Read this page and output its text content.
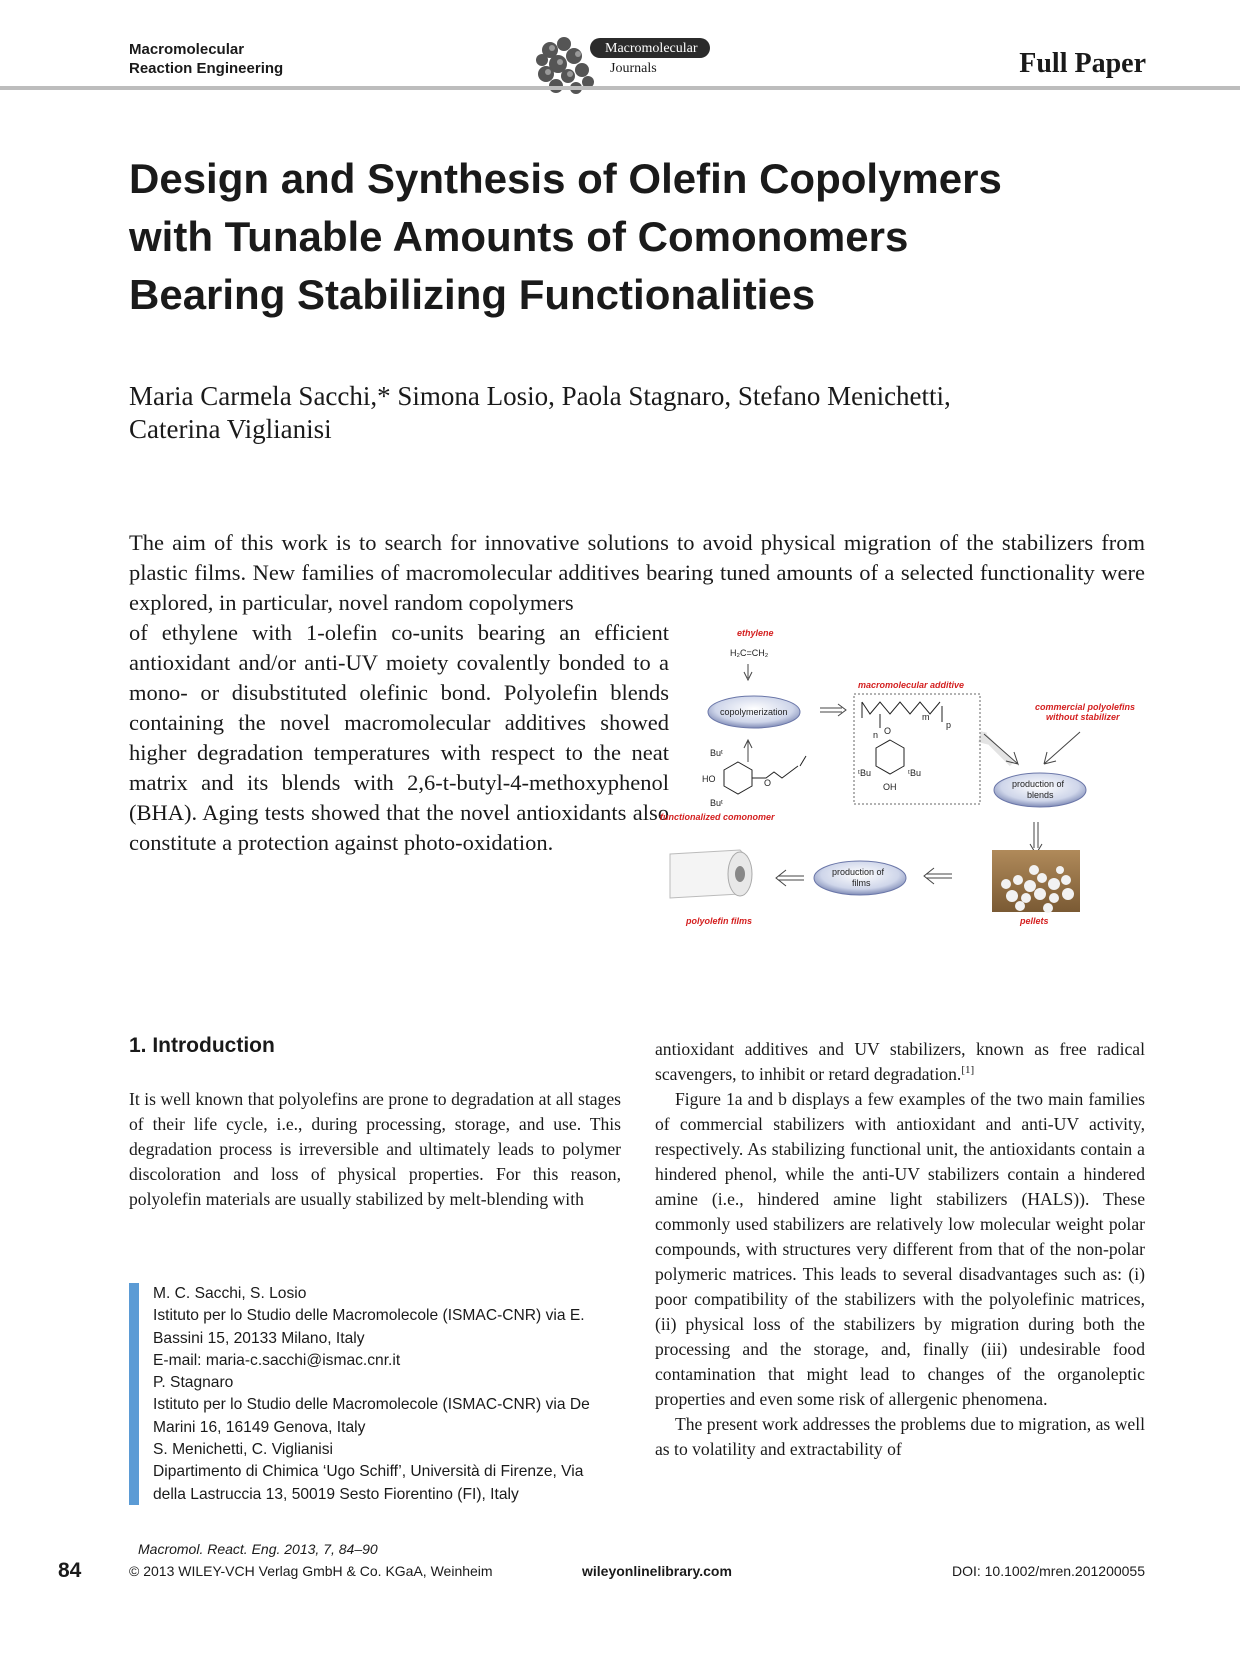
Macromolecular
Reaction Engineering
Macromolecular
Journals	Full Paper
Design and Synthesis of Olefin Copolymers
with Tunable Amounts of Comonomers
Bearing Stabilizing Functionalities
Maria Carmela Sacchi,* Simona Losio, Paola Stagnaro, Stefano Menichetti,
Caterina Viglianisi
The aim of this work is to search for innovative solutions to avoid physical migration of the stabilizers from plastic films. New families of macromolecular additives bearing tuned amounts of a selected functionality were explored, in particular, novel random copolymers
of ethylene with 1-olefin co-units bearing an efficient antioxidant and/or anti-UV moiety covalently bonded to a mono- or disubstituted olefinic bond. Polyolefin blends containing the novel macromolecular additives showed higher degradation temperatures with respect to the neat matrix and its blends with 2,6-t-butyl-4-methoxyphenol (BHA). Aging tests showed that the novel antioxidants also constitute a protection against photo-oxidation.
ethylene
H₂C=CH₂
copolymerization
macromolecular additive
m
p
n O
ᵗBu	ᵗBu
OH
commercial polyolefins
without stabilizer
production of
blends
Buᵗ
HO
Buᵗ
O
functionalized comonomer
polyolefin films
production of
films
pellets
1. Introduction
It is well known that polyolefins are prone to degradation at all stages of their life cycle, i.e., during processing, storage, and use. This degradation process is irreversible and ultimately leads to polymer discoloration and loss of physical properties. For this reason, polyolefin materials are usually stabilized by melt-blending with

antioxidant additives and UV stabilizers, known as free radical scavengers, to inhibit or retard degradation.[1]

Figure 1a and b displays a few examples of the two main families of commercial stabilizers with antioxidant and anti-UV activity, respectively. As stabilizing functional unit, the antioxidants contain a hindered phenol, while the anti-UV stabilizers contain a hindered amine (i.e., hindered amine light stabilizers (HALS)). These commonly used stabilizers are relatively low molecular weight polar compounds, with structures very different from that of the non-polar polymeric matrices. This leads to several disadvantages such as: (i) poor compatibility of the stabilizers with the polyolefinic matrices, (ii) physical loss of the stabilizers by migration during both the processing and the storage, and, finally (iii) undesirable food contamination that might lead to changes of the organoleptic properties and even some risk of allergenic phenomena.

The present work addresses the problems due to migration, as well as to volatility and extractability of

M. C. Sacchi, S. Losio
Istituto per lo Studio delle Macromolecole (ISMAC-CNR) via E.
Bassini 15, 20133 Milano, Italy
E-mail: maria-c.sacchi@ismac.cnr.it
P. Stagnaro
Istituto per lo Studio delle Macromolecole (ISMAC-CNR) via De
Marini 16, 16149 Genova, Italy
S. Menichetti, C. Viglianisi
Dipartimento di Chimica ‘Ugo Schiff’, Università di Firenze, Via
della Lastruccia 13, 50019 Sesto Fiorentino (FI), Italy
84
Macromol. React. Eng. 2013, 7, 84–90
© 2013 WILEY-VCH Verlag GmbH & Co. KGaA, Weinheim	wileyonlinelibrary.com	DOI: 10.1002/mren.201200055
